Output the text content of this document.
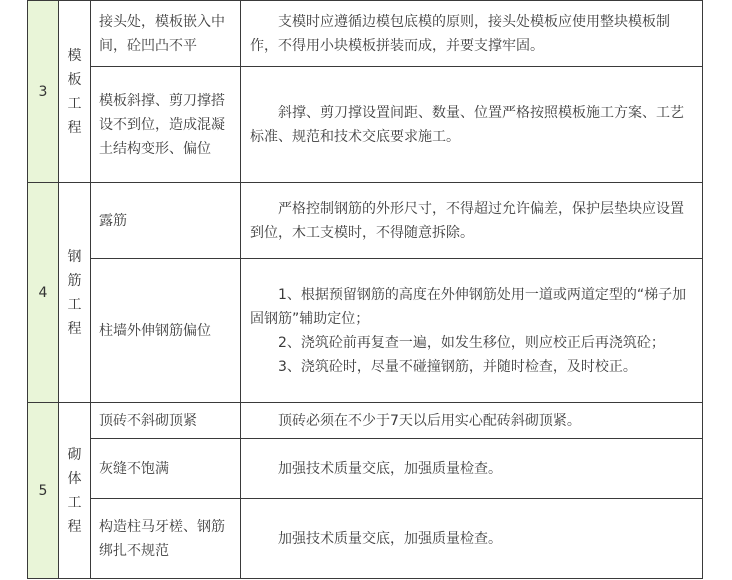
3	模
板
工
程	接头处，模板嵌入中间，砼凹凸不平	支模时应遵循边模包底模的原则，接头处模板应使用整块模板制作，不得用小块模板拼装而成，并要支撑牢固。

		模板斜撑、剪刀撑搭设不到位，造成混凝土结构变形、偏位	斜撑、剪刀撑设置间距、数量、位置严格按照模板施工方案、工艺标准、规范和技术交底要求施工。

4	钢
筋
工
程	露筋	严格控制钢筋的外形尺寸，不得超过允许偏差，保护层垫块应设置到位，木工支模时，不得随意拆除。

		柱墙外伸钢筋偏位	1、根据预留钢筋的高度在外伸钢筋处用一道或两道定型的“梯子加固钢筋”辅助定位；

2、浇筑砼前再复查一遍，如发生移位，则应校正后再浇筑砼；

3、浇筑砼时，尽量不碰撞钢筋，并随时检查，及时校正。

5	砌
体
工
程	顶砖不斜砌顶紧	顶砖必须在不少于7天以后用实心配砖斜砌顶紧。

		灰缝不饱满	加强技术质量交底，加强质量检查。

		构造柱马牙槎、钢筋绑扎不规范	加强技术质量交底，加强质量检查。
